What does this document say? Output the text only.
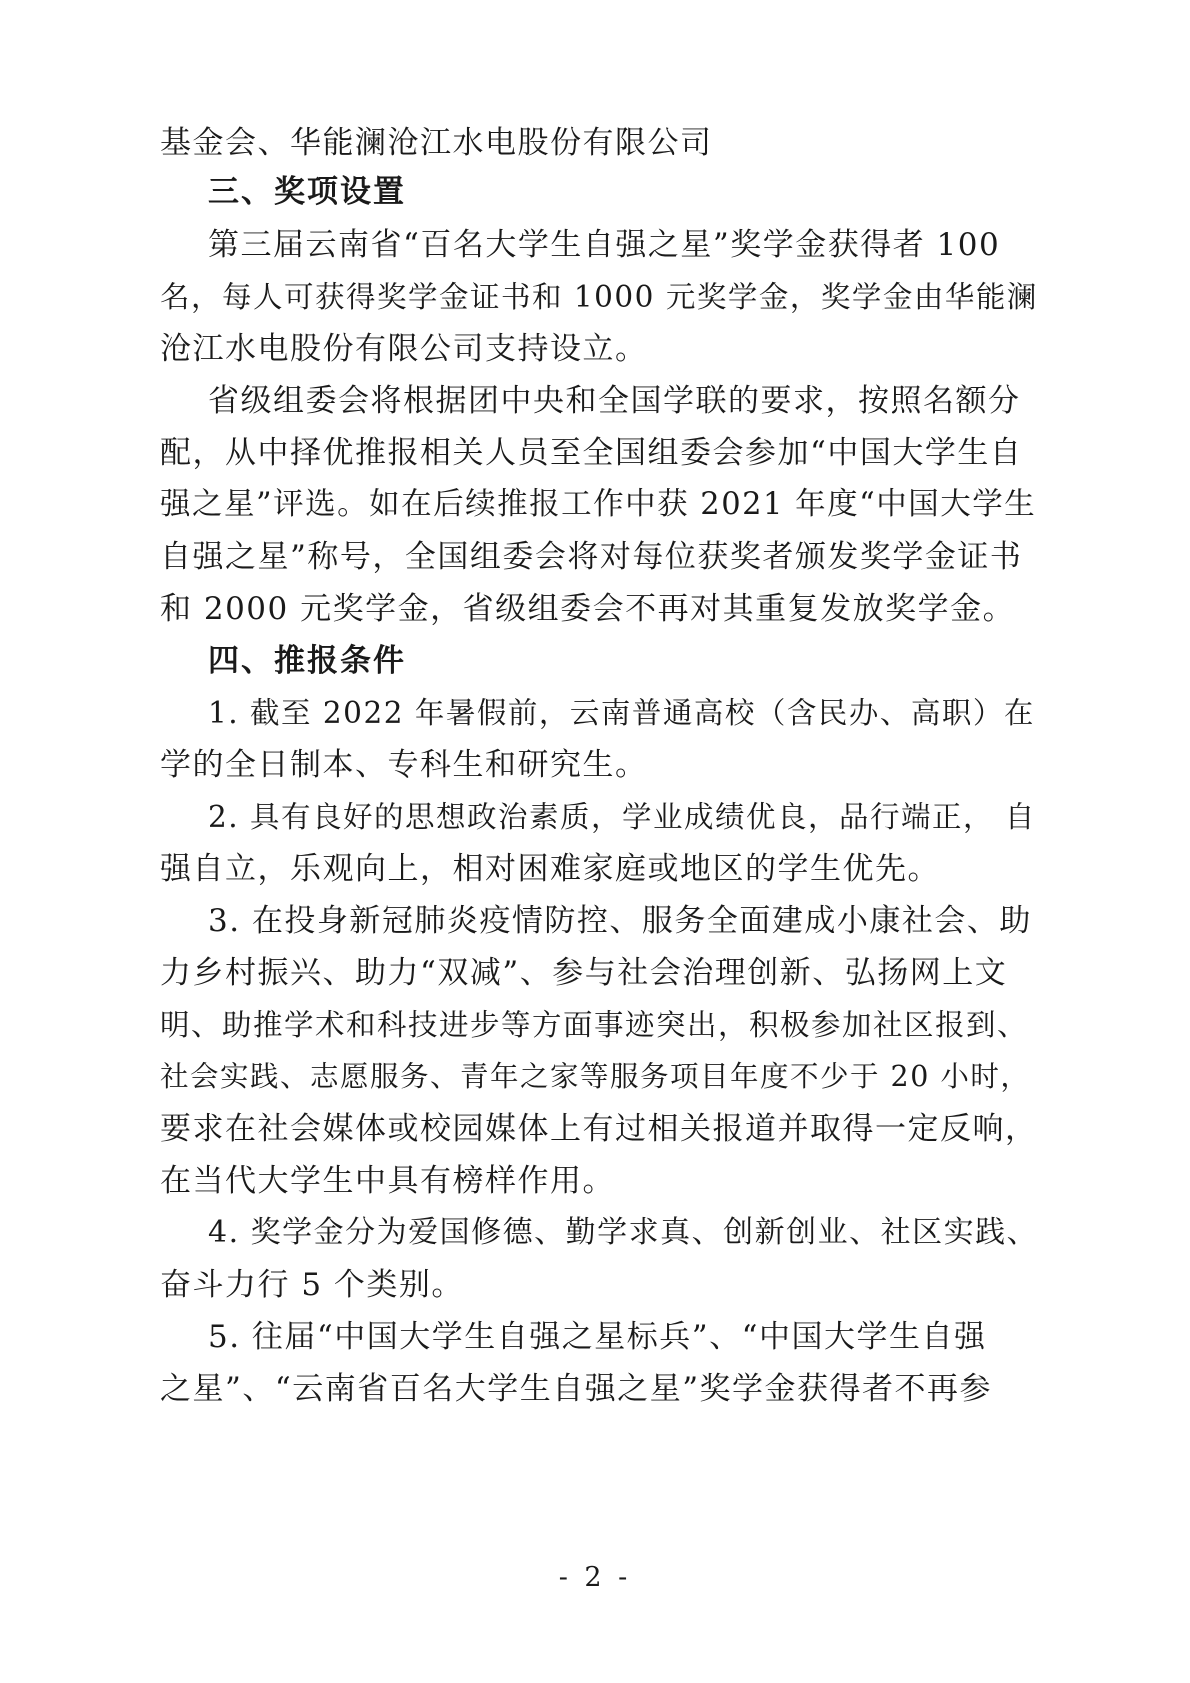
基金会、华能澜沧江水电股份有限公司
三、奖项设置
第三届云南省“百名大学生自强之星”奖学金获得者 100
名，每人可获得奖学金证书和 1000 元奖学金，奖学金由华能澜
沧江水电股份有限公司支持设立。
省级组委会将根据团中央和全国学联的要求，按照名额分
配，从中择优推报相关人员至全国组委会参加“中国大学生自
强之星”评选。如在后续推报工作中获 2021 年度“中国大学生
自强之星”称号，全国组委会将对每位获奖者颁发奖学金证书
和 2000 元奖学金，省级组委会不再对其重复发放奖学金。
四、推报条件
1. 截至 2022 年暑假前，云南普通高校（含民办、高职）在
学的全日制本、专科生和研究生。
2. 具有良好的思想政治素质，学业成绩优良，品行端正， 自
强自立，乐观向上，相对困难家庭或地区的学生优先。
3. 在投身新冠肺炎疫情防控、服务全面建成小康社会、助
力乡村振兴、助力“双减”、参与社会治理创新、弘扬网上文
明、助推学术和科技进步等方面事迹突出，积极参加社区报到、
社会实践、志愿服务、青年之家等服务项目年度不少于 20 小时，
要求在社会媒体或校园媒体上有过相关报道并取得一定反响，
在当代大学生中具有榜样作用。
4. 奖学金分为爱国修德、勤学求真、创新创业、社区实践、
奋斗力行 5 个类别。
5. 往届“中国大学生自强之星标兵”、“中国大学生自强
之星”、“云南省百名大学生自强之星”奖学金获得者不再参
- 2 -
